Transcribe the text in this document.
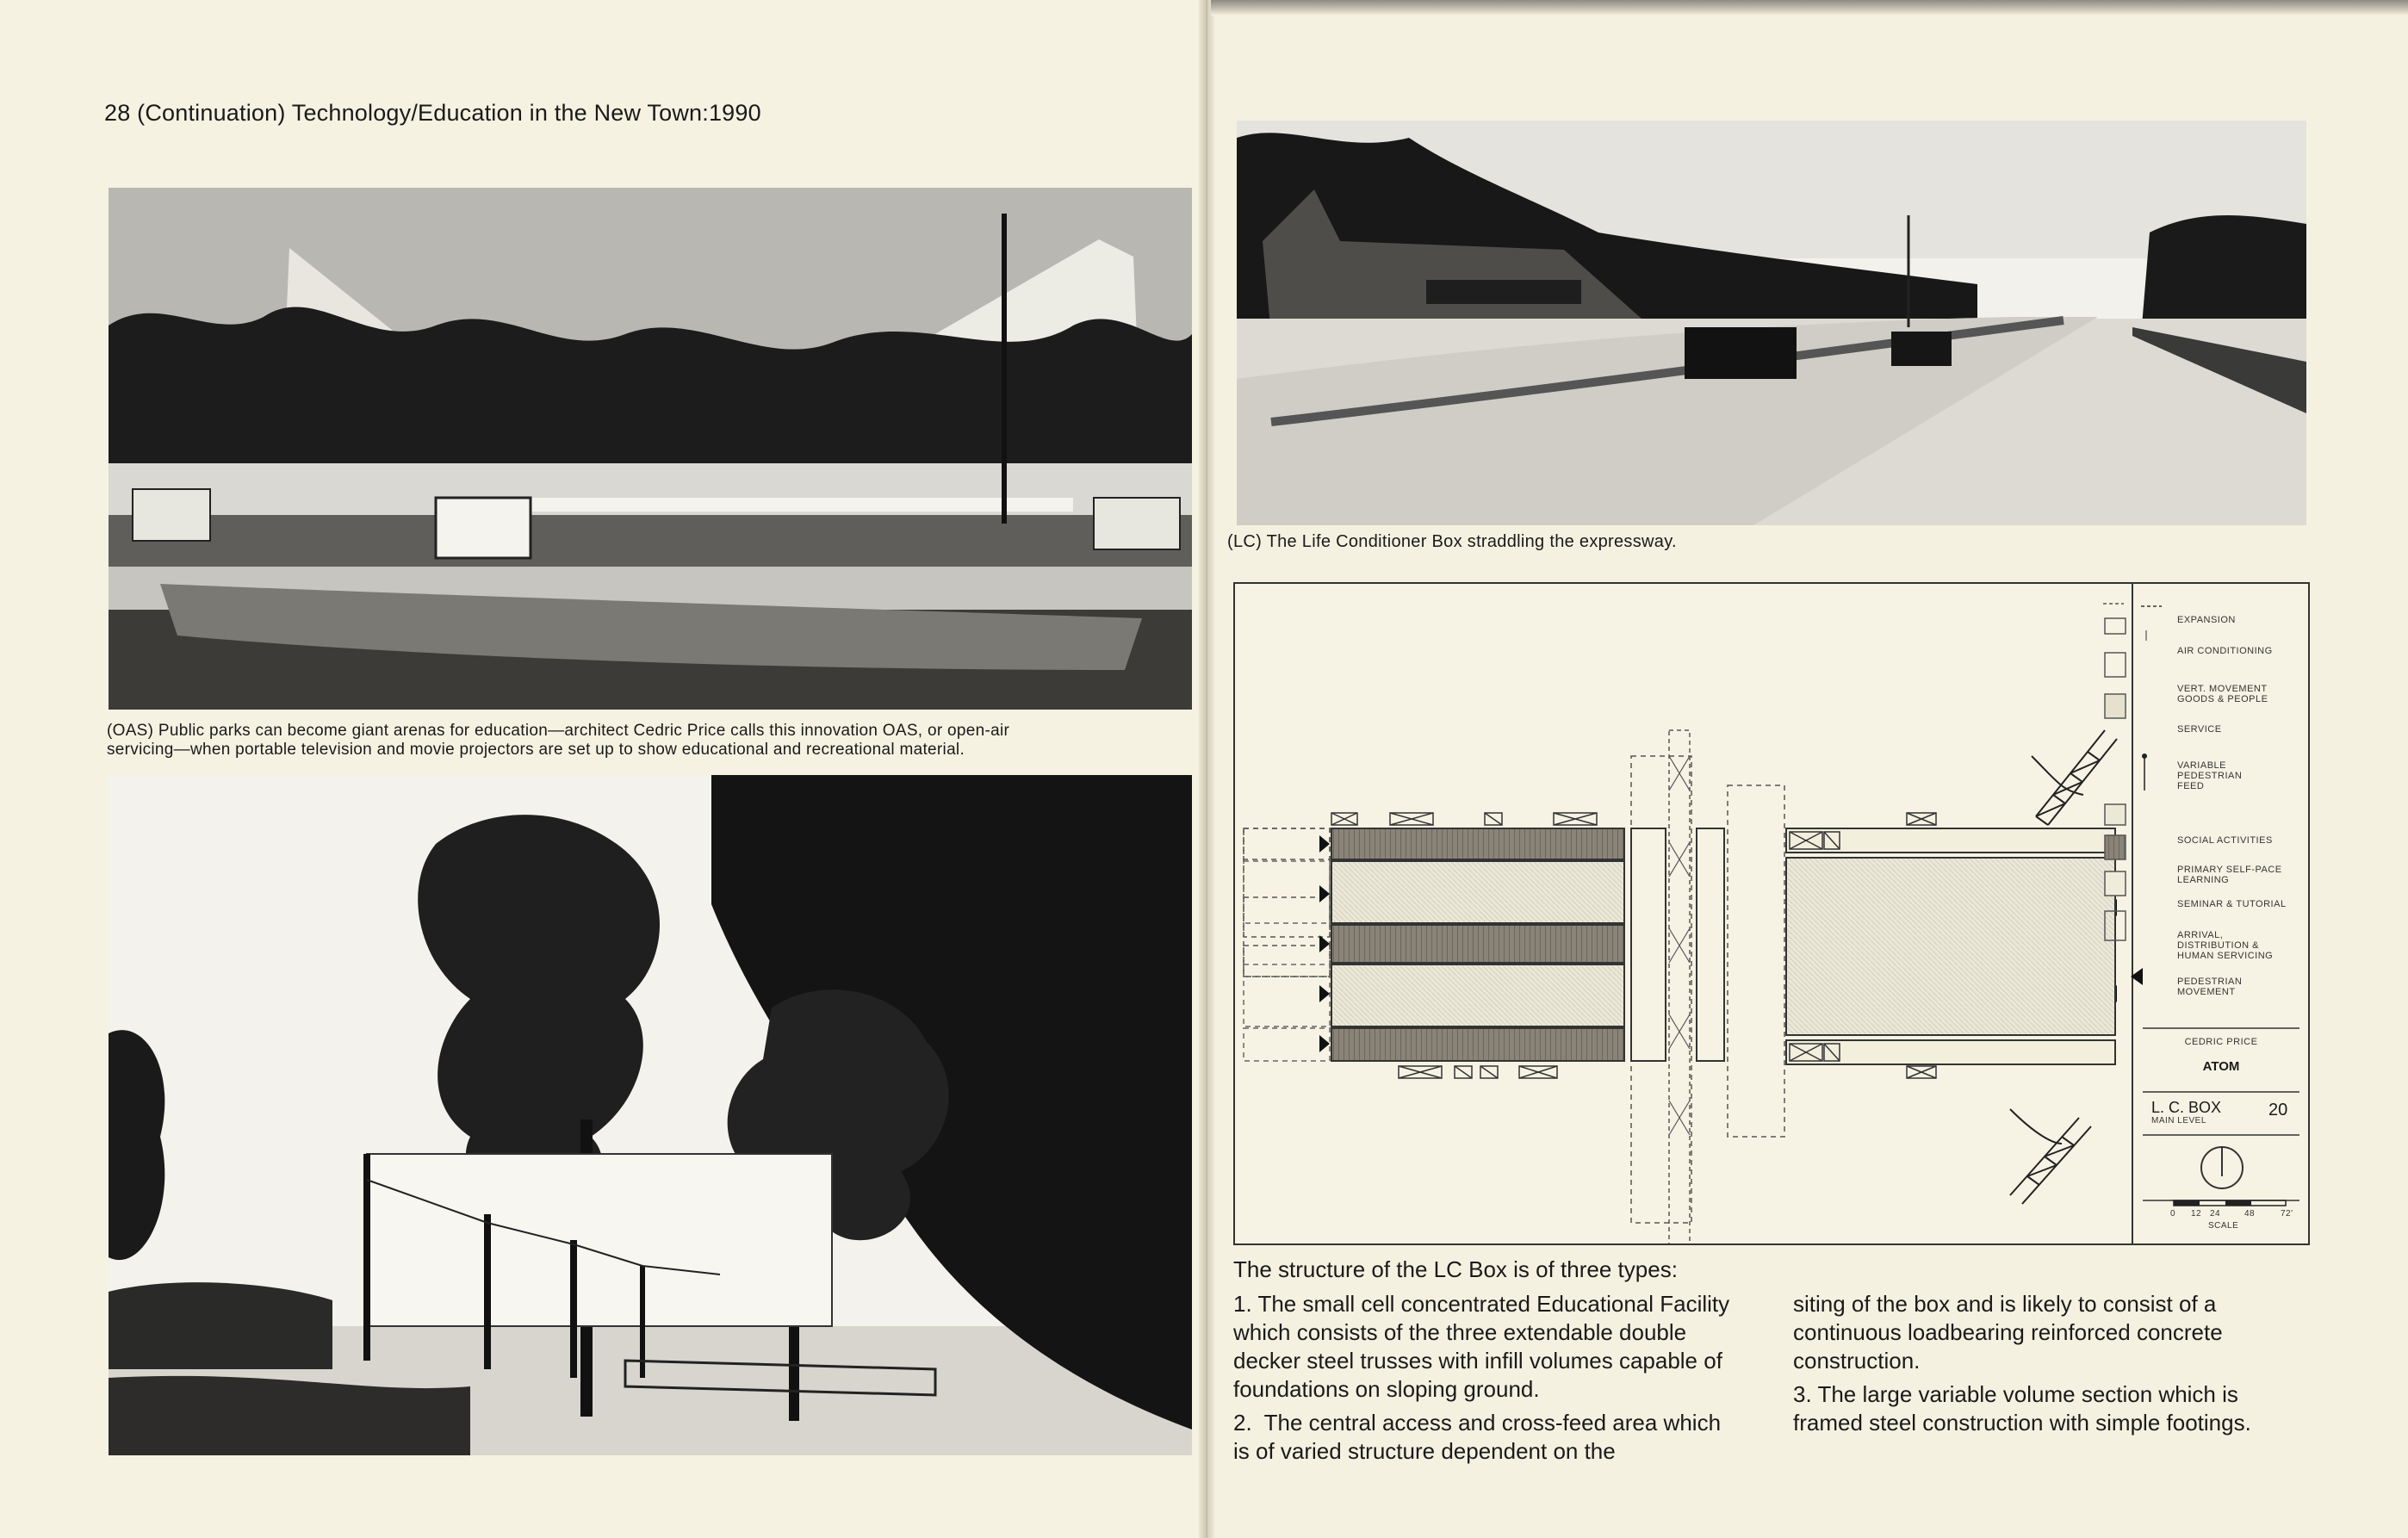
28 (Continuation) Technology/Education in the New Town:1990
(OAS) Public parks can become giant arenas for education—architect Cedric Price calls this innovation OAS, or open-air
servicing—when portable television and movie projectors are set up to show educational and recreational material.
(LC) The Life Conditioner Box straddling the expressway.
EXPANSION
AIR CONDITIONING
VERT. MOVEMENT GOODS & PEOPLE
SERVICE
VARIABLE PEDESTRIAN FEED
SOCIAL ACTIVITIES
PRIMARY SELF-PACE LEARNING
SEMINAR & TUTORIAL
ARRIVAL, DISTRIBUTION & HUMAN SERVICING
PEDESTRIAN MOVEMENT
CEDRIC PRICE
ATOM
L. C. BOX
MAIN LEVEL
20
0 12 24	48	72'
SCALE
The structure of the LC Box is of three types:
1. The small cell concentrated Educational Facility which consists of the three extendable double decker steel trusses with infill volumes capable of foundations on sloping ground.
2.  The central access and cross-feed area which is of varied structure dependent on the
siting of the box and is likely to consist of a continuous loadbearing reinforced concrete construction.
3. The large variable volume section which is framed steel construction with simple footings.
